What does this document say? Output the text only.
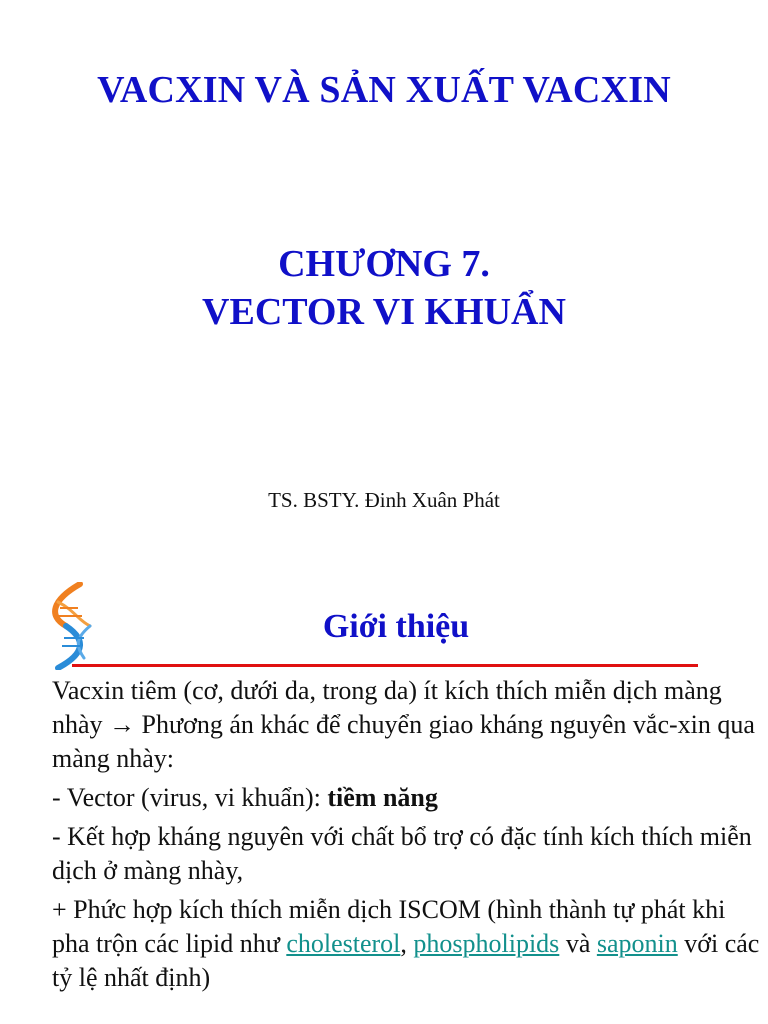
VACXIN VÀ SẢN XUẤT VACXIN
CHƯƠNG 7.
VECTOR VI KHUẨN
TS. BSTY. Đinh Xuân Phát
Giới thiệu

Vacxin tiêm (cơ, dưới da, trong da) ít kích thích miễn dịch màng nhày → Phương án khác để chuyển giao kháng nguyên vắc-xin qua màng nhày:

- Vector (virus, vi khuẩn): tiềm năng

- Kết hợp kháng nguyên với chất bổ trợ có đặc tính kích thích miễn dịch ở màng nhày,

+ Phức hợp kích thích miễn dịch ISCOM (hình thành tự phát khi pha trộn các lipid như cholesterol, phospholipids và saponin với các tỷ lệ nhất định)
